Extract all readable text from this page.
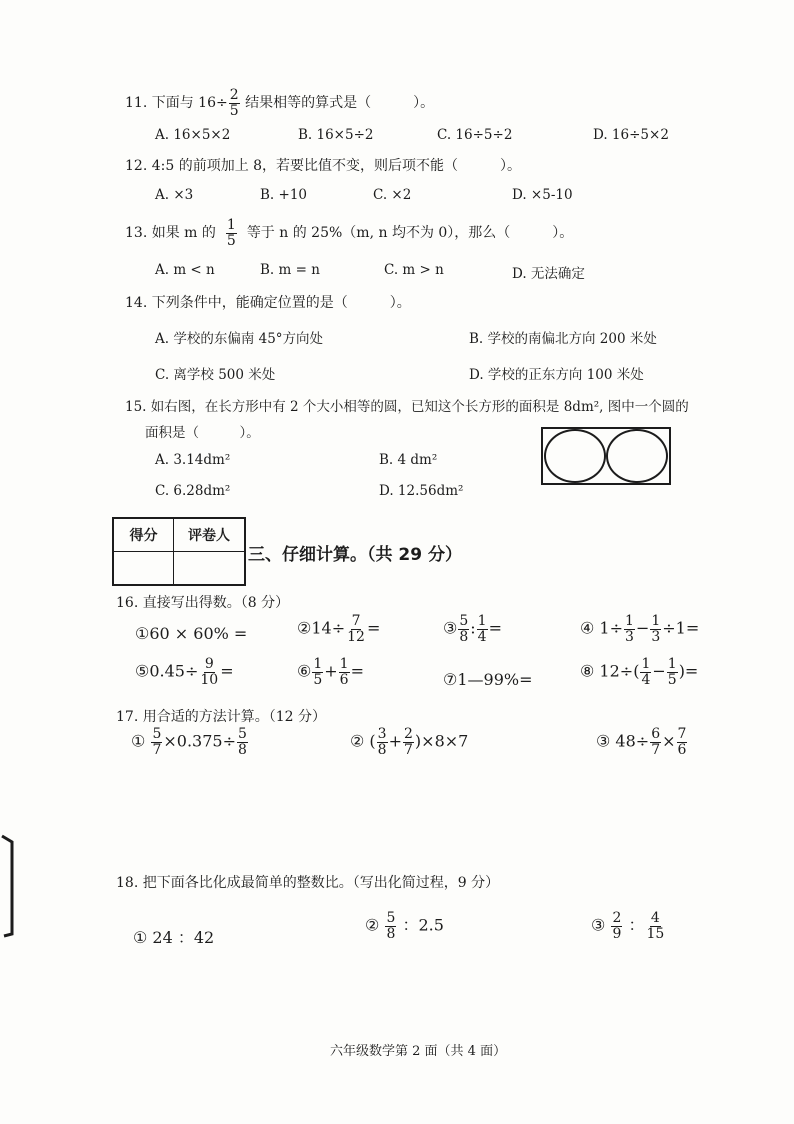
11. 下面与 $16\div \frac{2}{5}$ 结果相等的算式是（　　　）。
A. 16×5×2	B. 16×5÷2	C. 16÷5÷2	D. 16÷5×2
12. 4:5 的前项加上 8，若要比值不变，则后项不能（　　　）。
A. ×3	B. +10	C. ×2	D. ×5-10
13. 如果 m 的 $\frac{1}{5}$ 等于 n 的 25%（m, n 均不为 0），那么（　　　）。
A. m < n	B. m = n	C. m > n	D. 无法确定
14. 下列条件中，能确定位置的是（　　　）。
A. 学校的东偏南 45°方向处	B. 学校的南偏北方向 200 米处
C. 离学校 500 米处	D. 学校的正东方向 100 米处
15. 如右图，在长方形中有 2 个大小相等的圆，已知这个长方形的面积是 8dm², 图中一个圆的
面积是（　　　）。
A. 3.14dm²	B. 4 dm²
C. 6.28dm²	D. 12.56dm²
得分	评卷人

三、仔细计算。（共 29 分）
16. 直接写出得数。（8 分）
①60 × 60% =	②14÷ $\frac{7}{12}$ =	③ $\frac{5}{8}$ : $\frac{1}{4}$ =	④ $1\div \frac{1}{3} - \frac{1}{3} \div 1=$
⑤0.45÷ $\frac{9}{10}$ =	⑥ $\frac{1}{5} + \frac{1}{6}$ =	⑦1—99%=	⑧ $12\div( \frac{1}{4} - \frac{1}{5}$ )=
17. 用合适的方法计算。（12 分）
① $\frac{5}{7} \times 0.375\div \frac{5}{8}$	② ( $\frac{3}{8} + \frac{2}{7} )\times 8\times 7$	③ $48\div \frac{6}{7} \times \frac{7}{6}$
18. 把下面各比化成最简单的整数比。（写出化简过程，9 分）
① 24 ：42
② $\frac{5}{8}$ ：2.5	③ $\frac{2}{9}$ ： $\frac{4}{15}$
六年级数学第 2 面（共 4 面）
